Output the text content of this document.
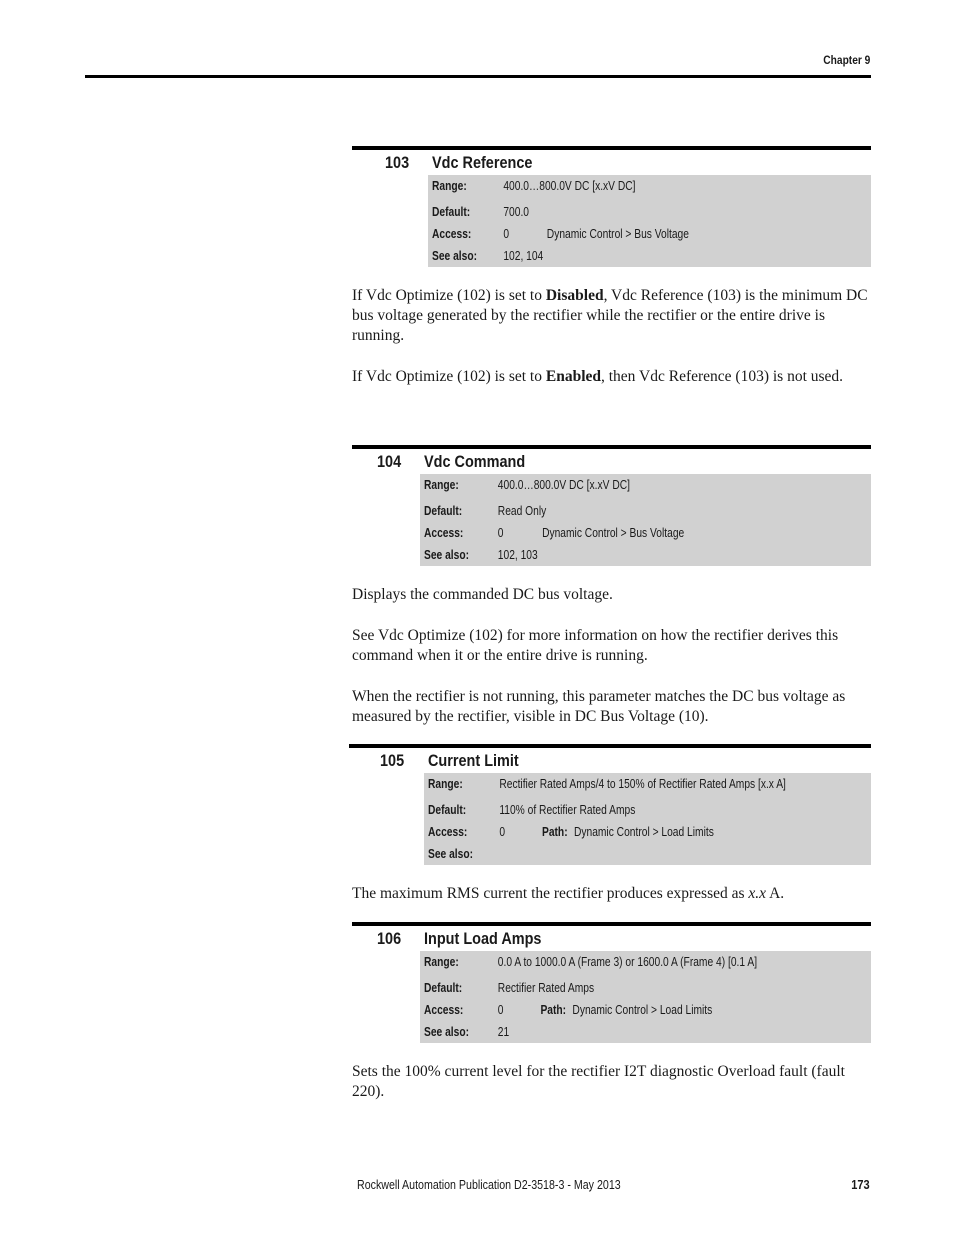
Chapter 9
103 Vdc Reference
Range:	400.0…800.0V DC [x.xV DC]
Default:	700.0
Access:	0	Dynamic Control > Bus Voltage
See also: 102, 104

If Vdc Optimize (102) is set to Disabled, Vdc Reference (103) is the minimum DC bus voltage generated by the rectifier while the rectifier or the entire drive is running.

If Vdc Optimize (102) is set to Enabled, then Vdc Reference (103) is not used.

104 Vdc Command
Range:	400.0…800.0V DC [x.xV DC]
Default:	Read Only
Access:	0	Dynamic Control > Bus Voltage
See also: 102, 103

Displays the commanded DC bus voltage.

See Vdc Optimize (102) for more information on how the rectifier derives this command when it or the entire drive is running.

When the rectifier is not running, this parameter matches the DC bus voltage as measured by the rectifier, visible in DC Bus Voltage (10).

105 Current Limit
Range:	Rectifier Rated Amps/4 to 150% of Rectifier Rated Amps [x.x A]
Default:	110% of Rectifier Rated Amps
Access:	0	Path: Dynamic Control > Load Limits
See also:

The maximum RMS current the rectifier produces expressed as x.x A.

106 Input Load Amps
Range:	0.0 A to 1000.0 A (Frame 3) or 1600.0 A (Frame 4) [0.1 A]
Default:	Rectifier Rated Amps
Access:	0	Path: Dynamic Control > Load Limits
See also: 21

Sets the 100% current level for the rectifier I2T diagnostic Overload fault (fault 220).

Rockwell Automation Publication D2-3518-3 - May 2013	173
